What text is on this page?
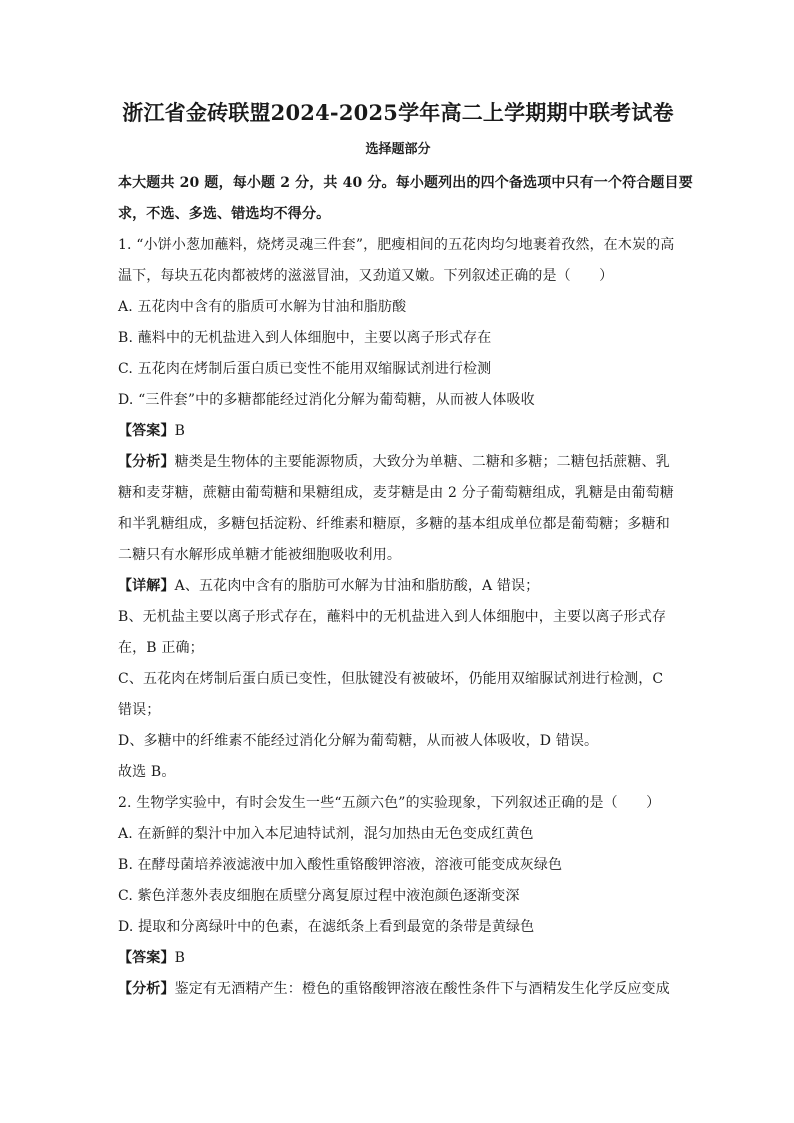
浙江省金砖联盟2024-2025学年高二上学期期中联考试卷
选择题部分
本大题共 20 题，每小题 2 分，共 40 分。每小题列出的四个备选项中只有一个符合题目要
求，不选、多选、错选均不得分。
1. “小饼小葱加蘸料，烧烤灵魂三件套”，肥瘦相间的五花肉均匀地裹着孜然，在木炭的高
温下，每块五花肉都被烤的滋滋冒油，又劲道又嫩。下列叙述正确的是（　　）
A. 五花肉中含有的脂质可水解为甘油和脂肪酸
B. 蘸料中的无机盐进入到人体细胞中，主要以离子形式存在
C. 五花肉在烤制后蛋白质已变性不能用双缩脲试剂进行检测
D. “三件套”中的多糖都能经过消化分解为葡萄糖，从而被人体吸收
【答案】B
【分析】糖类是生物体的主要能源物质，大致分为单糖、二糖和多糖；二糖包括蔗糖、乳
糖和麦芽糖，蔗糖由葡萄糖和果糖组成，麦芽糖是由 2 分子葡萄糖组成，乳糖是由葡萄糖
和半乳糖组成，多糖包括淀粉、纤维素和糖原，多糖的基本组成单位都是葡萄糖；多糖和
二糖只有水解形成单糖才能被细胞吸收利用。
【详解】A、五花肉中含有的脂肪可水解为甘油和脂肪酸，A 错误；
B、无机盐主要以离子形式存在，蘸料中的无机盐进入到人体细胞中，主要以离子形式存
在，B 正确；
C、五花肉在烤制后蛋白质已变性，但肽键没有被破坏，仍能用双缩脲试剂进行检测，C
错误；
D、多糖中的纤维素不能经过消化分解为葡萄糖，从而被人体吸收，D 错误。
故选 B。
2. 生物学实验中，有时会发生一些“五颜六色”的实验现象，下列叙述正确的是（　　）
A. 在新鲜的梨汁中加入本尼迪特试剂，混匀加热由无色变成红黄色
B. 在酵母菌培养液滤液中加入酸性重铬酸钾溶液，溶液可能变成灰绿色
C. 紫色洋葱外表皮细胞在质壁分离复原过程中液泡颜色逐渐变深
D. 提取和分离绿叶中的色素，在滤纸条上看到最宽的条带是黄绿色
【答案】B
【分析】鉴定有无酒精产生：橙色的重铬酸钾溶液在酸性条件下与酒精发生化学反应变成
